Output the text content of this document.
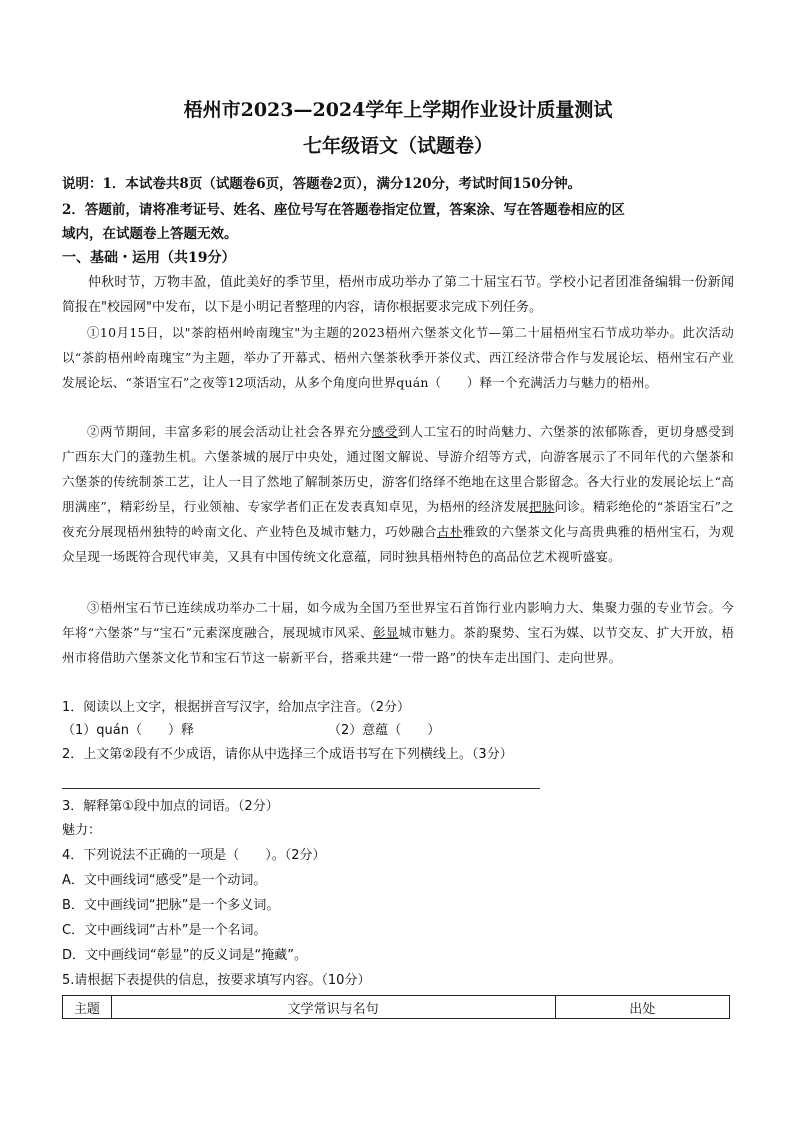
梧州市2023—2024学年上学期作业设计质量测试
七年级语文（试题卷）
说明：1．本试卷共8页（试题卷6页，答题卷2页），满分120分，考试时间150分钟。
2．答题前，请将准考证号、姓名、座位号写在答题卷指定位置，答案涂、写在答题卷相应的区
域内，在试题卷上答题无效。
一、基础・运用（共19分）
仲秋时节，万物丰盈，值此美好的季节里，梧州市成功举办了第二十届宝石节。学校小记者团准备编辑一份新闻简报在"校园网"中发布，以下是小明记者整理的内容，请你根据要求完成下列任务。
①10月15日，以"茶韵梧州岭南瑰宝"为主题的2023梧州六堡茶文化节—第二十届梧州宝石节成功举办。此次活动以“茶韵梧州岭南瑰宝”为主题，举办了开幕式、梧州六堡茶秋季开茶仪式、西江经济带合作与发展论坛、梧州宝石产业发展论坛、“茶语宝石”之夜等12项活动，从多个角度向世界quán（　　）释一个充满活力与魅力的梧州。
②两节期间，丰富多彩的展会活动让社会各界充分感受到人工宝石的时尚魅力、六堡茶的浓郁陈香，更切身感受到广西东大门的蓬勃生机。六堡茶城的展厅中央处，通过图文解说、导游介绍等方式，向游客展示了不同年代的六堡茶和六堡茶的传统制茶工艺，让人一目了然地了解制茶历史，游客们络绎不绝地在这里合影留念。各大行业的发展论坛上“高朋满座”，精彩纷呈，行业领袖、专家学者们正在发表真知卓见，为梧州的经济发展把脉问诊。精彩绝伦的“茶语宝石”之夜充分展现梧州独特的岭南文化、产业特色及城市魅力，巧妙融合古朴雅致的六堡茶文化与高贵典雅的梧州宝石，为观众呈现一场既符合现代审美，又具有中国传统文化意蕴，同时独具梧州特色的高品位艺术视听盛宴。
③梧州宝石节已连续成功举办二十届，如今成为全国乃至世界宝石首饰行业内影响力大、集聚力强的专业节会。今年将“六堡茶”与“宝石”元素深度融合，展现城市风采、彰显城市魅力。茶韵聚势、宝石为媒、以节交友、扩大开放，梧州市将借助六堡茶文化节和宝石节这一崭新平台，搭乘共建“一带一路”的快车走出国门、走向世界。
1．阅读以上文字，根据拼音写汉字，给加点字注音。（2分）
（1）quán（　　）释	（2）意蕴（　　）
2．上文第②段有不少成语，请你从中选择三个成语书写在下列横线上。（3分）
3．解释第①段中加点的词语。（2分）
魅力：
4．下列说法不正确的一项是（　　）。（2分）
A．文中画线词“感受”是一个动词。
B．文中画线词“把脉”是一个多义词。
C．文中画线词“古朴”是一个名词。
D．文中画线词“彰显”的反义词是“掩藏”。
5.请根据下表提供的信息，按要求填写内容。（10分）
主题	文学常识与名句	出处
